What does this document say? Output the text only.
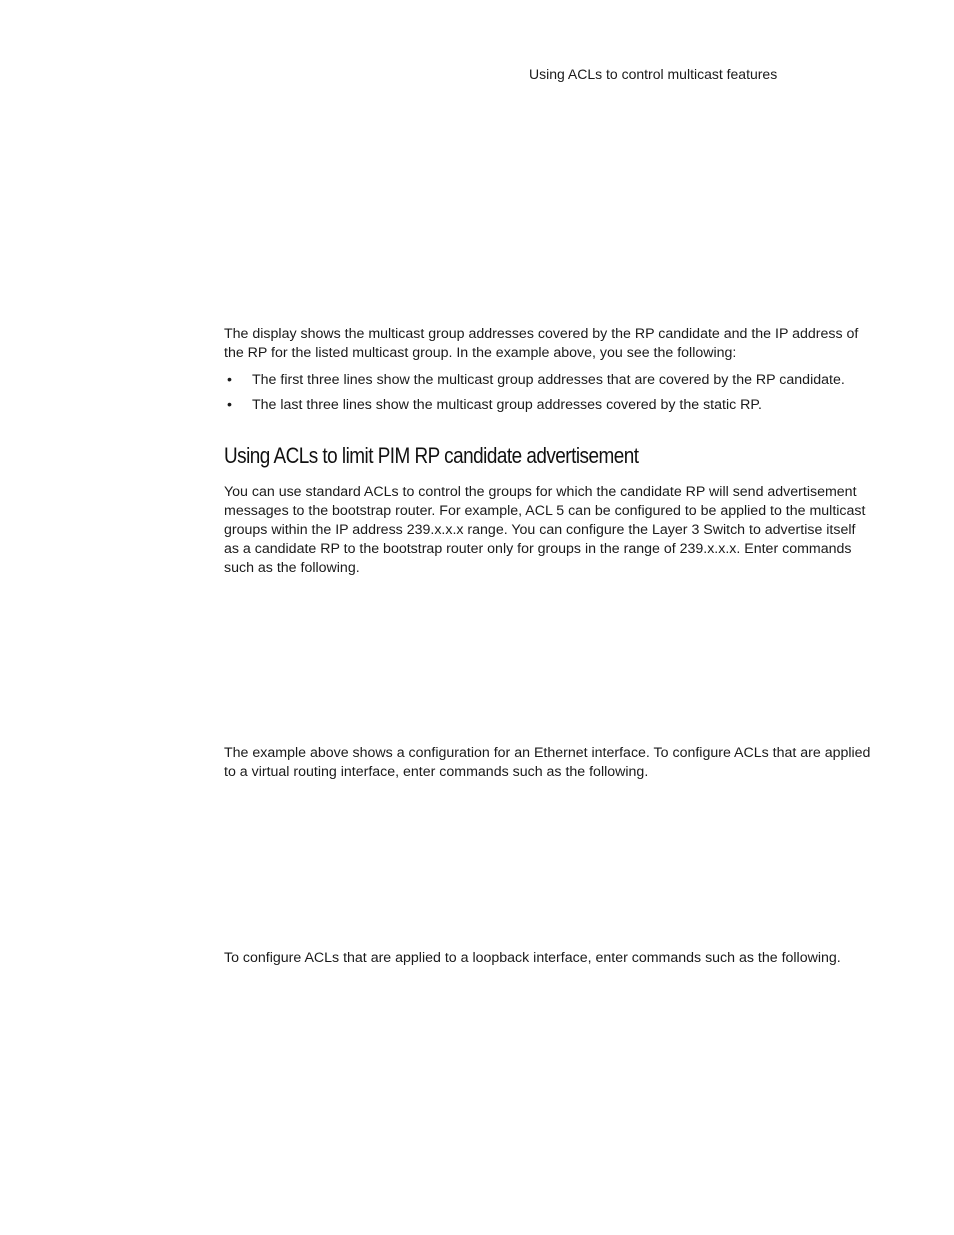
Using ACLs to control multicast features

The display shows the multicast group addresses covered by the RP candidate and the IP address of the RP for the listed multicast group. In the example above, you see the following:

• The first three lines show the multicast group addresses that are covered by the RP candidate.
• The last three lines show the multicast group addresses covered by the static RP.
Using ACLs to limit PIM RP candidate advertisement

You can use standard ACLs to control the groups for which the candidate RP will send advertisement messages to the bootstrap router. For example, ACL 5 can be configured to be applied to the multicast groups within the IP address 239.x.x.x range. You can configure the Layer 3 Switch to advertise itself as a candidate RP to the bootstrap router only for groups in the range of 239.x.x.x. Enter commands such as the following.

The example above shows a configuration for an Ethernet interface. To configure ACLs that are applied to a virtual routing interface, enter commands such as the following.

To configure ACLs that are applied to a loopback interface, enter commands such as the following.
